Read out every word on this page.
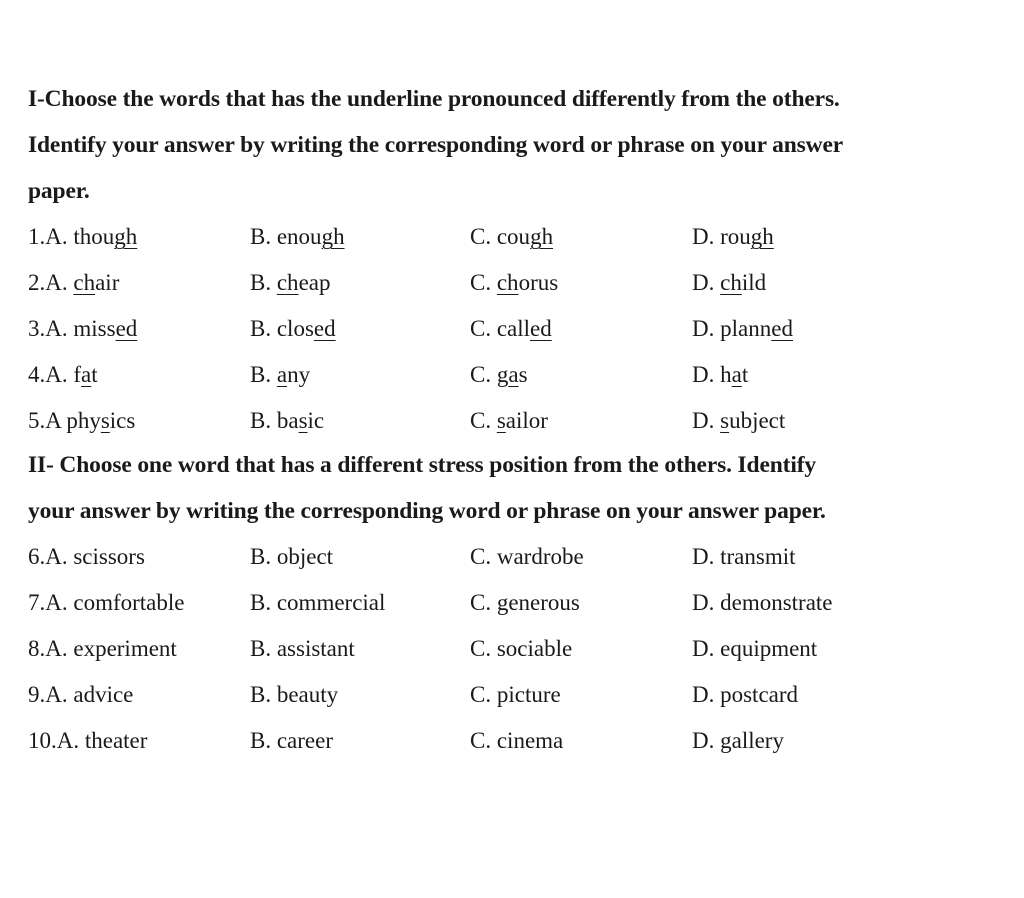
I-Choose the words that has the underline pronounced differently from the others.
Identify your answer by writing the corresponding word or phrase on your answer
paper.

1.A. though	B. enough	C. cough	D. rough
2.A. chair	B. cheap	C. chorus	D. child
3.A. missed	B. closed	C. called	D. planned
4.A. fat	B. any	C. gas	D. hat
5.A physics	B. basic	C. sailor	D. subject

II- Choose one word that has a different stress position from the others. Identify
your answer by writing the corresponding word or phrase on your answer paper.

6.A. scissors	B. object	C. wardrobe	D. transmit
7.A. comfortable	B. commercial	C. generous	D. demonstrate
8.A. experiment	B. assistant	C. sociable	D. equipment
9.A. advice	B. beauty	C. picture	D. postcard
10.A. theater	B. career	C. cinema	D. gallery
